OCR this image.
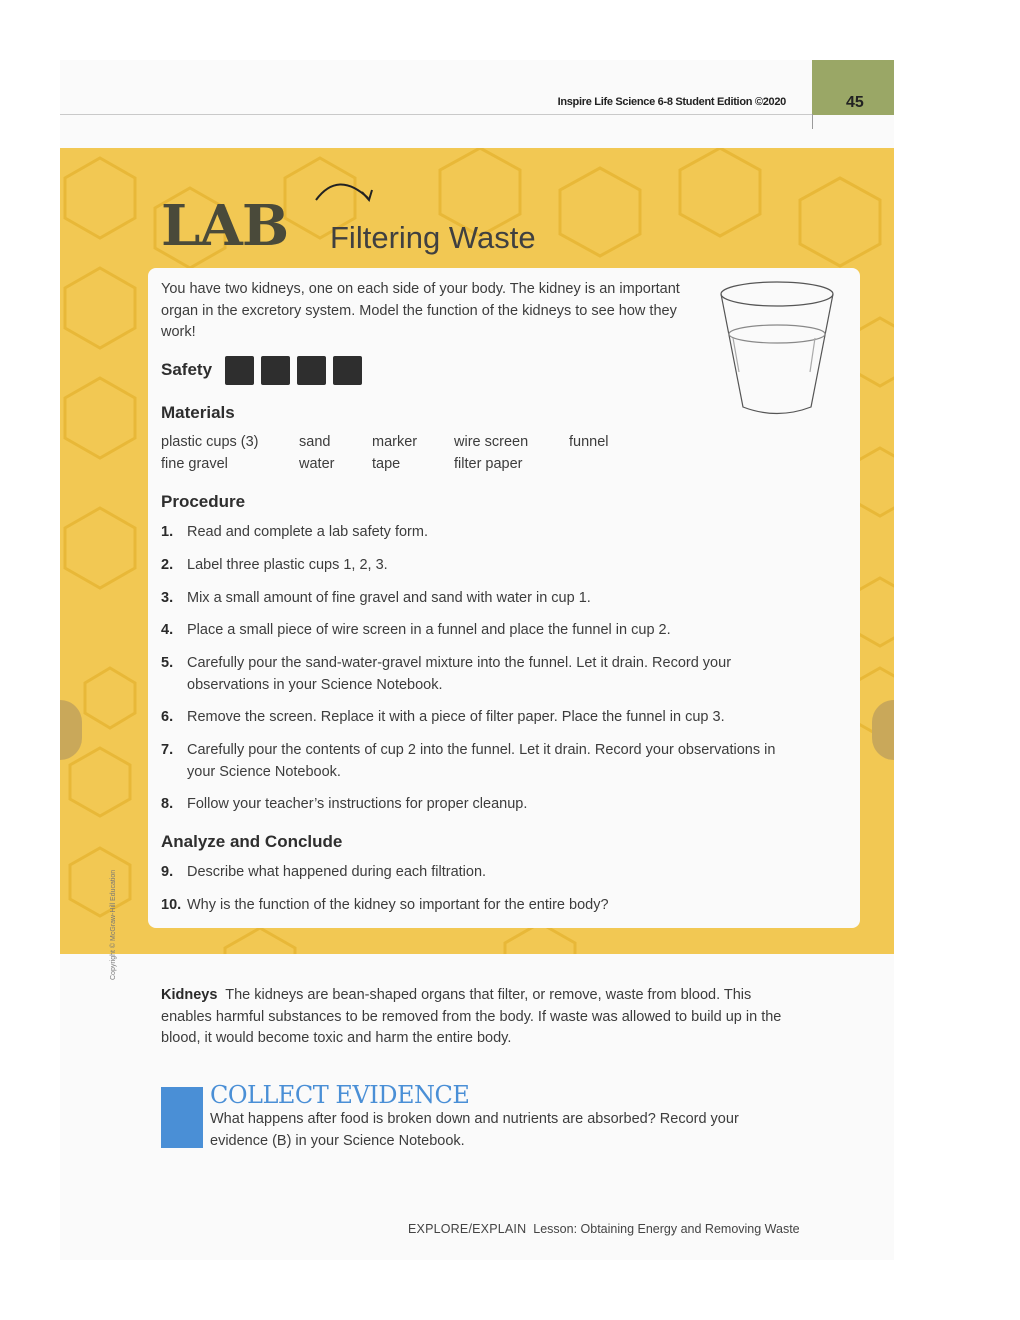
Inspire Life Science 6-8 Student Edition ©2020	45
LAB Filtering Waste
You have two kidneys, one on each side of your body. The kidney is an important organ in the excretory system. Model the function of the kidneys to see how they work!
Safety
Materials
plastic cups (3)
fine gravel
sand
water
marker
tape
wire screen
filter paper
funnel
Procedure
1. Read and complete a lab safety form.
2. Label three plastic cups 1, 2, 3.
3. Mix a small amount of fine gravel and sand with water in cup 1.
4. Place a small piece of wire screen in a funnel and place the funnel in cup 2.
5. Carefully pour the sand-water-gravel mixture into the funnel. Let it drain. Record your observations in your Science Notebook.
6. Remove the screen. Replace it with a piece of filter paper. Place the funnel in cup 3.
7. Carefully pour the contents of cup 2 into the funnel. Let it drain. Record your observations in your Science Notebook.
8. Follow your teacher’s instructions for proper cleanup.
Analyze and Conclude
9. Describe what happened during each filtration.
10. Why is the function of the kidney so important for the entire body?
Copyright © McGraw-Hill Education
Kidneys The kidneys are bean-shaped organs that filter, or remove, waste from blood. This enables harmful substances to be removed from the body. If waste was allowed to build up in the blood, it would become toxic and harm the entire body.
COLLECT EVIDENCE
What happens after food is broken down and nutrients are absorbed? Record your evidence (B) in your Science Notebook.
EXPLORE/EXPLAIN Lesson: Obtaining Energy and Removing Waste
